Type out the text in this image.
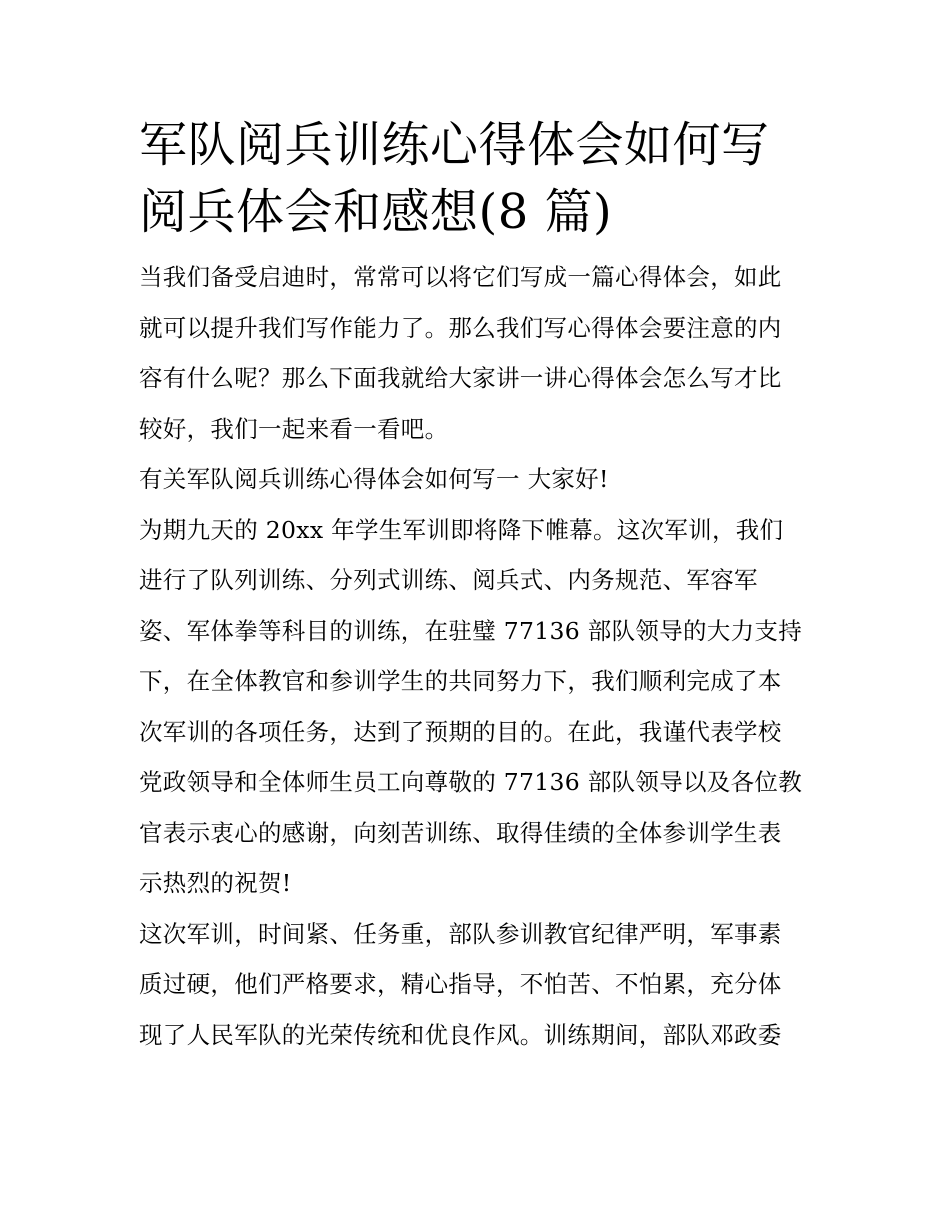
军队阅兵训练心得体会如何写
阅兵体会和感想(8 篇)

当我们备受启迪时，常常可以将它们写成一篇心得体会，如此
就可以提升我们写作能力了。那么我们写心得体会要注意的内
容有什么呢？那么下面我就给大家讲一讲心得体会怎么写才比
较好，我们一起来看一看吧。

有关军队阅兵训练心得体会如何写一 大家好!

为期九天的 20xx 年学生军训即将降下帷幕。这次军训，我们
进行了队列训练、分列式训练、阅兵式、内务规范、军容军
姿、军体拳等科目的训练，在驻璧 77136 部队领导的大力支持
下，在全体教官和参训学生的共同努力下，我们顺利完成了本
次军训的各项任务，达到了预期的目的。在此，我谨代表学校
党政领导和全体师生员工向尊敬的 77136 部队领导以及各位教
官表示衷心的感谢，向刻苦训练、取得佳绩的全体参训学生表
示热烈的祝贺!

这次军训，时间紧、任务重，部队参训教官纪律严明，军事素
质过硬，他们严格要求，精心指导，不怕苦、不怕累，充分体
现了人民军队的光荣传统和优良作风。训练期间，部队邓政委
